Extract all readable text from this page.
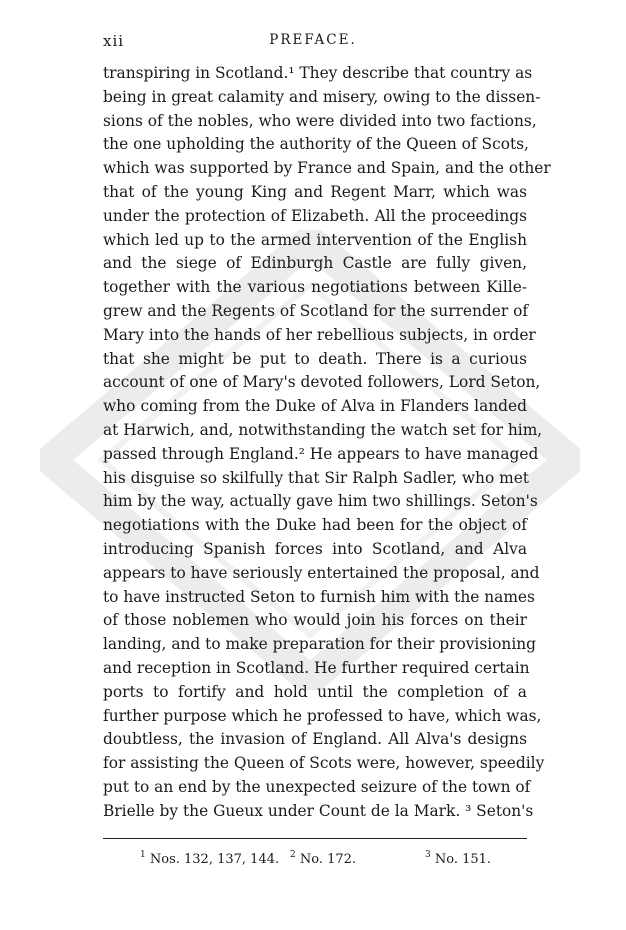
xii	PREFACE.
transpiring in Scotland.¹ They describe that country as
being in great calamity and misery, owing to the dissen-
sions of the nobles, who were divided into two factions,
the one upholding the authority of the Queen of Scots,
which was supported by France and Spain, and the other
that of the young King and Regent Marr, which was
under the protection of Elizabeth. All the proceedings
which led up to the armed intervention of the English
and the siege of Edinburgh Castle are fully given,
together with the various negotiations between Kille-
grew and the Regents of Scotland for the surrender of
Mary into the hands of her rebellious subjects, in order
that she might be put to death. There is a curious
account of one of Mary's devoted followers, Lord Seton,
who coming from the Duke of Alva in Flanders landed
at Harwich, and, notwithstanding the watch set for him,
passed through England.² He appears to have managed
his disguise so skilfully that Sir Ralph Sadler, who met
him by the way, actually gave him two shillings. Seton's
negotiations with the Duke had been for the object of
introducing Spanish forces into Scotland, and Alva
appears to have seriously entertained the proposal, and
to have instructed Seton to furnish him with the names
of those noblemen who would join his forces on their
landing, and to make preparation for their provisioning
and reception in Scotland. He further required certain
ports to fortify and hold until the completion of a
further purpose which he professed to have, which was,
doubtless, the invasion of England. All Alva's designs
for assisting the Queen of Scots were, however, speedily
put to an end by the unexpected seizure of the town of
Brielle by the Gueux under Count de la Mark. ³ Seton's
$^1$ Nos. 132, 137, 144. $^2$ No. 172.	$^3$ No. 151.
